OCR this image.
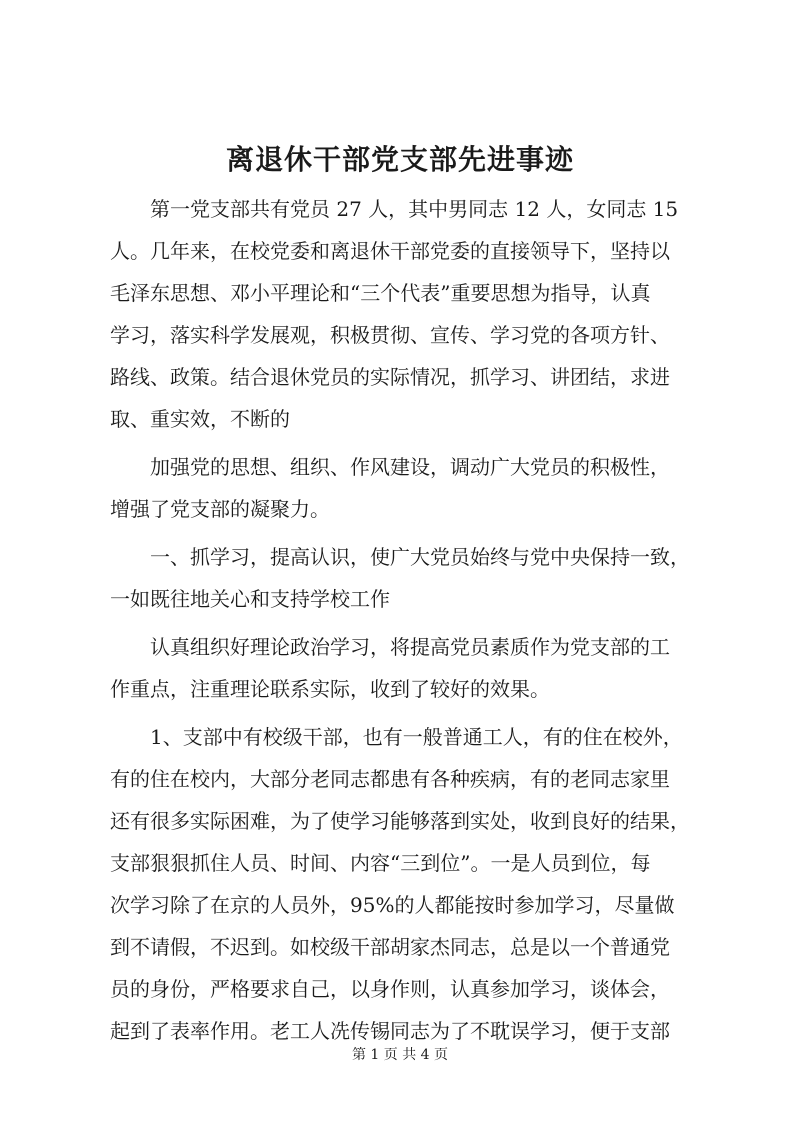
离退休干部党支部先进事迹
第一党支部共有党员 27 人，其中男同志 12 人，女同志 15
人。几年来，在校党委和离退休干部党委的直接领导下，坚持以
毛泽东思想、邓小平理论和“三个代表”重要思想为指导，认真
学习，落实科学发展观，积极贯彻、宣传、学习党的各项方针、
路线、政策。结合退休党员的实际情况，抓学习、讲团结，求进
取、重实效，不断的
加强党的思想、组织、作风建设，调动广大党员的积极性，
增强了党支部的凝聚力。
一、抓学习，提高认识，使广大党员始终与党中央保持一致，
一如既往地关心和支持学校工作
认真组织好理论政治学习，将提高党员素质作为党支部的工
作重点，注重理论联系实际，收到了较好的效果。
1、支部中有校级干部，也有一般普通工人，有的住在校外，
有的住在校内，大部分老同志都患有各种疾病，有的老同志家里
还有很多实际困难，为了使学习能够落到实处，收到良好的结果，
支部狠狠抓住人员、时间、内容“三到位”。一是人员到位，每
次学习除了在京的人员外，95%的人都能按时参加学习，尽量做
到不请假，不迟到。如校级干部胡家杰同志，总是以一个普通党
员的身份，严格要求自己，以身作则，认真参加学习，谈体会，
起到了表率作用。老工人冼传锡同志为了不耽误学习，便于支部
第 1 页 共 4 页
